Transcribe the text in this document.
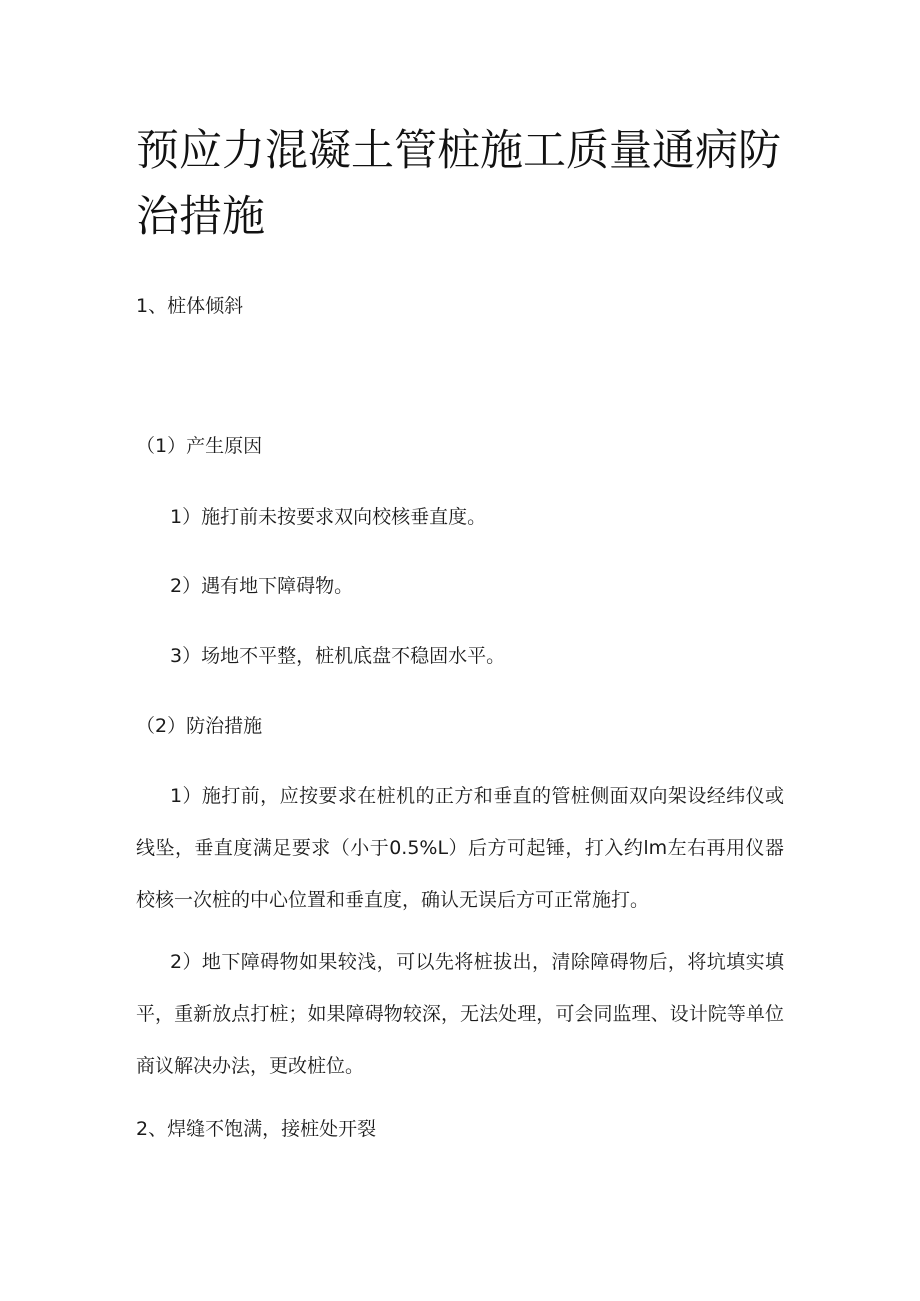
预应力混凝土管桩施工质量通病防治措施

1、桩体倾斜

（1）产生原因

1）施打前未按要求双向校核垂直度。

2）遇有地下障碍物。

3）场地不平整，桩机底盘不稳固水平。

（2）防治措施

1）施打前，应按要求在桩机的正方和垂直的管桩侧面双向架设经纬仪或线坠，垂直度满足要求（小于0.5%L）后方可起锤，打入约lm左右再用仪器校核一次桩的中心位置和垂直度，确认无误后方可正常施打。

2）地下障碍物如果较浅，可以先将桩拔出，清除障碍物后，将坑填实填平，重新放点打桩；如果障碍物较深，无法处理，可会同监理、设计院等单位商议解决办法，更改桩位。

2、焊缝不饱满，接桩处开裂
